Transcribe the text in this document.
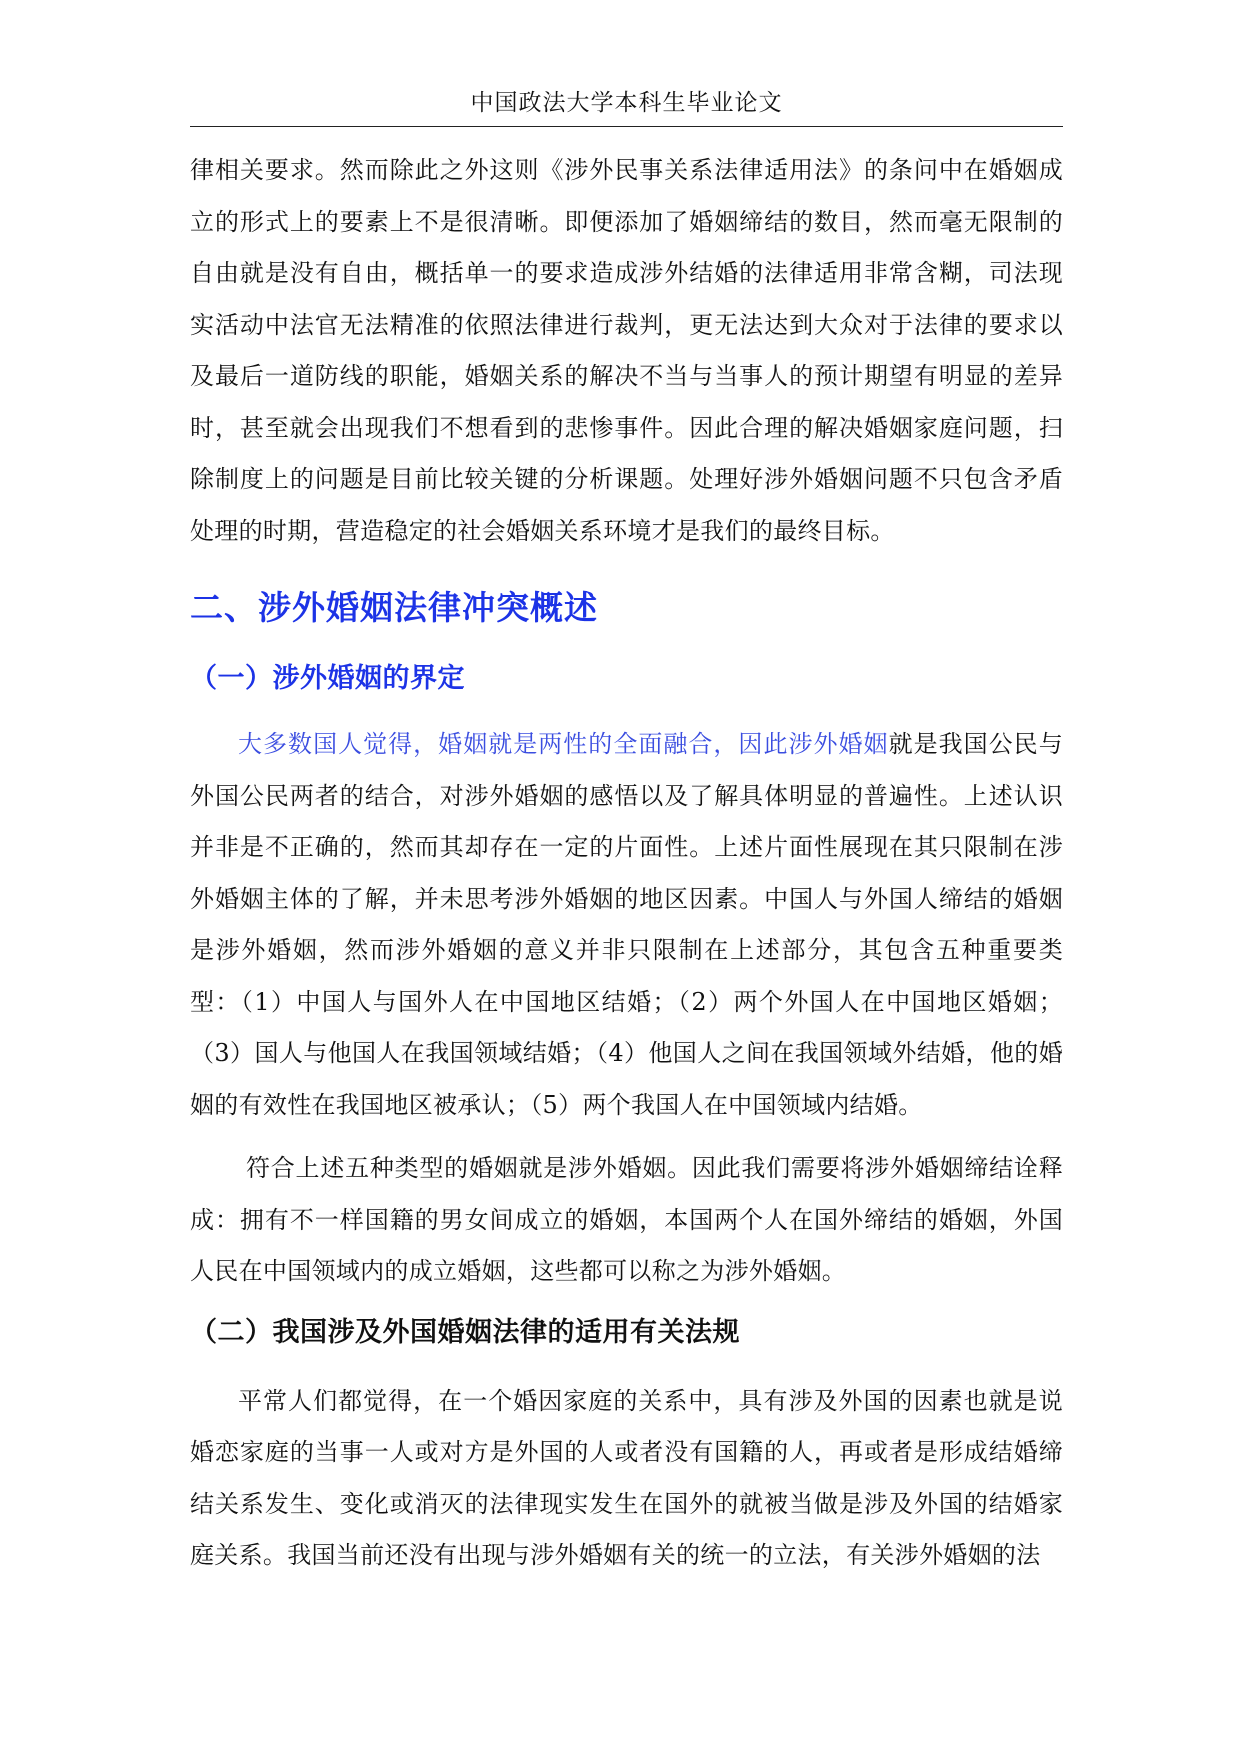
中国政法大学本科生毕业论文

律相关要求。然而除此之外这则《涉外民事关系法律适用法》的条问中在婚姻成立的形式上的要素上不是很清晰。即便添加了婚姻缔结的数目，然而毫无限制的自由就是没有自由，概括单一的要求造成涉外结婚的法律适用非常含糊，司法现实活动中法官无法精准的依照法律进行裁判，更无法达到大众对于法律的要求以及最后一道防线的职能，婚姻关系的解决不当与当事人的预计期望有明显的差异时，甚至就会出现我们不想看到的悲惨事件。因此合理的解决婚姻家庭问题，扫除制度上的问题是目前比较关键的分析课题。处理好涉外婚姻问题不只包含矛盾处理的时期，营造稳定的社会婚姻关系环境才是我们的最终目标。

二、涉外婚姻法律冲突概述
（一）涉外婚姻的界定

大多数国人觉得，婚姻就是两性的全面融合，因此涉外婚姻就是我国公民与外国公民两者的结合，对涉外婚姻的感悟以及了解具体明显的普遍性。上述认识并非是不正确的，然而其却存在一定的片面性。上述片面性展现在其只限制在涉外婚姻主体的了解，并未思考涉外婚姻的地区因素。中国人与外国人缔结的婚姻是涉外婚姻，然而涉外婚姻的意义并非只限制在上述部分，其包含五种重要类型：（1）中国人与国外人在中国地区结婚；（2）两个外国人在中国地区婚姻；（3）国人与他国人在我国领域结婚；（4）他国人之间在我国领域外结婚，他的婚姻的有效性在我国地区被承认；（5）两个我国人在中国领域内结婚。

符合上述五种类型的婚姻就是涉外婚姻。因此我们需要将涉外婚姻缔结诠释成：拥有不一样国籍的男女间成立的婚姻，本国两个人在国外缔结的婚姻，外国人民在中国领域内的成立婚姻，这些都可以称之为涉外婚姻。

（二）我国涉及外国婚姻法律的适用有关法规

平常人们都觉得，在一个婚因家庭的关系中，具有涉及外国的因素也就是说婚恋家庭的当事一人或对方是外国的人或者没有国籍的人，再或者是形成结婚缔结关系发生、变化或消灭的法律现实发生在国外的就被当做是涉及外国的结婚家庭关系。我国当前还没有出现与涉外婚姻有关的统一的立法，有关涉外婚姻的法
